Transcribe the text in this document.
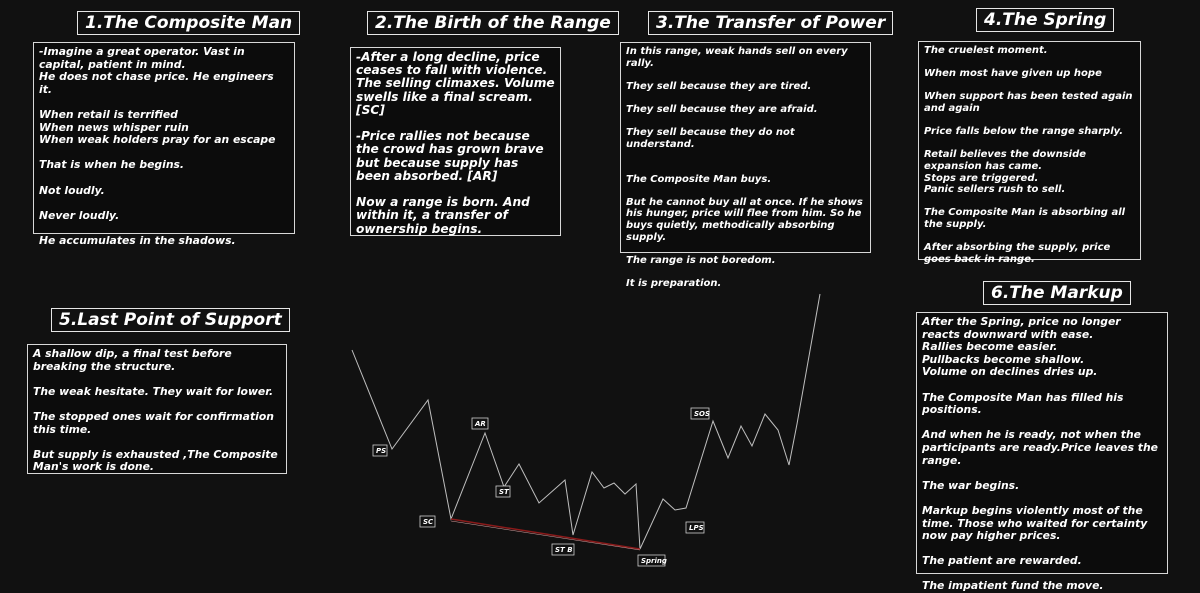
1.The Composite Man	2.The Birth of the Range	3.The Transfer of Power	4.The Spring
5.Last Point of Support
6.The Markup

-Imagine a great operator. Vast in capital, patient in mind.
He does not chase price. He engineers it.

When retail is terrified
When news whisper ruin
When weak holders pray for an escape

That is when he begins.

Not loudly.

Never loudly.

He accumulates in the shadows.

-After a long decline, price ceases to fall with violence. The selling climaxes. Volume swells like a final scream. [SC]

-Price rallies not because the crowd has grown brave but because supply has been absorbed. [AR]

Now a range is born. And within it, a transfer of ownership begins.

In this range, weak hands sell on every rally.

They sell because they are tired.

They sell because they are afraid.

They sell because they do not understand.

The Composite Man buys.

But he cannot buy all at once. If he shows his hunger, price will flee from him. So he buys quietly, methodically absorbing supply.

The range is not boredom.

It is preparation.

The cruelest moment.

When most have given up hope

When support has been tested again and again

Price falls below the range sharply.

Retail believes the downside expansion has came.
Stops are triggered.
Panic sellers rush to sell.

The Composite Man is absorbing all the supply.

After absorbing the supply, price goes back in range.

A shallow dip, a final test before breaking the structure.

The weak hesitate. They wait for lower.

The stopped ones wait for confirmation this time.

But supply is exhausted ,The Composite Man's work is done.

After the Spring, price no longer reacts downward with ease.
Rallies become easier.
Pullbacks become shallow.
Volume on declines dries up.

The Composite Man has filled his positions.

And when he is ready, not when the participants are ready.Price leaves the range.

The war begins.

Markup begins violently most of the time. Those who waited for certainty now pay higher prices.

The patient are rewarded.

The impatient fund the move.

PS
AR
ST
SC
ST B
Spring
LPS
SOS
